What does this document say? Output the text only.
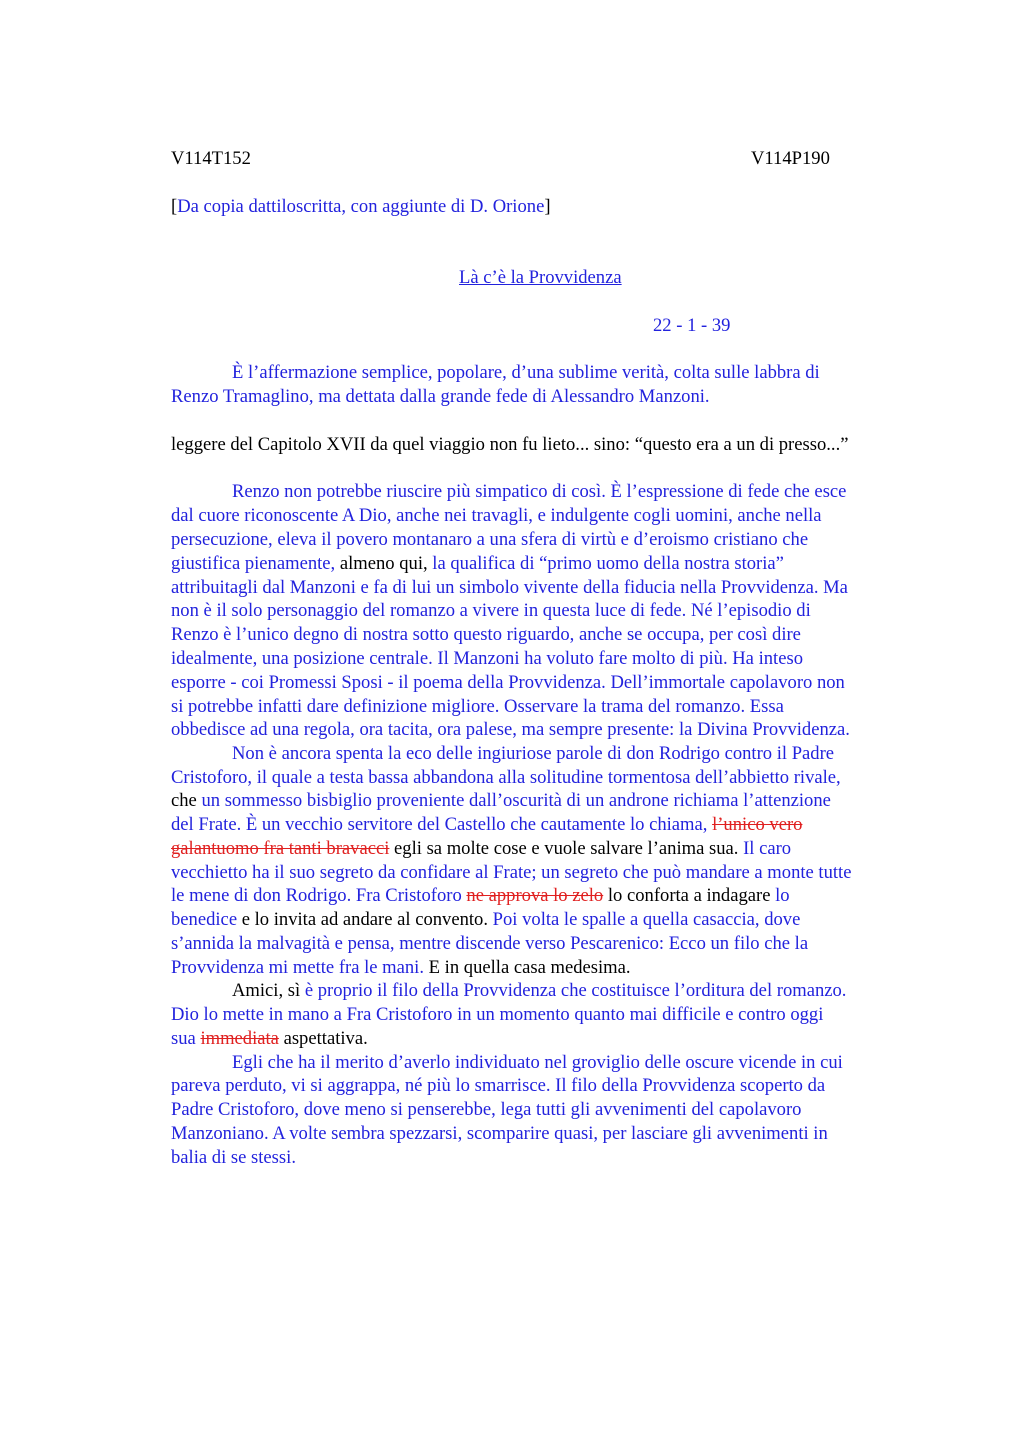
V114T152	V114P190
[Da copia dattiloscritta, con aggiunte di D. Orione]
Là c’è la Provvidenza
22 - 1 - 39
È l’affermazione semplice, popolare, d’una sublime verità, colta sulle labbra di
Renzo Tramaglino, ma dettata dalla grande fede di Alessandro Manzoni.
leggere del Capitolo XVII da quel viaggio non fu lieto... sino: “questo era a un di presso...”
Renzo non potrebbe riuscire più simpatico di così. È l’espressione di fede che esce
dal cuore riconoscente A Dio, anche nei travagli, e indulgente cogli uomini, anche nella
persecuzione, eleva il povero montanaro a una sfera di virtù e d’eroismo cristiano che
giustifica pienamente, almeno qui, la qualifica di “primo uomo della nostra storia”
attribuitagli dal Manzoni e fa di lui un simbolo vivente della fiducia nella Provvidenza. Ma
non è il solo personaggio del romanzo a vivere in questa luce di fede. Né l’episodio di
Renzo è l’unico degno di nostra sotto questo riguardo, anche se occupa, per così dire
idealmente, una posizione centrale. Il Manzoni ha voluto fare molto di più. Ha inteso
esporre - coi Promessi Sposi - il poema della Provvidenza. Dell’immortale capolavoro non
si potrebbe infatti dare definizione migliore. Osservare la trama del romanzo. Essa
obbedisce ad una regola, ora tacita, ora palese, ma sempre presente: la Divina Provvidenza.
Non è ancora spenta la eco delle ingiuriose parole di don Rodrigo contro il Padre
Cristoforo, il quale a testa bassa abbandona alla solitudine tormentosa dell’abbietto rivale,
che un sommesso bisbiglio proveniente dall’oscurità di un androne richiama l’attenzione
del Frate. È un vecchio servitore del Castello che cautamente lo chiama, l’unico vero
galantuomo fra tanti bravacci egli sa molte cose e vuole salvare l’anima sua. Il caro
vecchietto ha il suo segreto da confidare al Frate; un segreto che può mandare a monte tutte
le mene di don Rodrigo. Fra Cristoforo ne approva lo zelo lo conforta a indagare lo
benedice e lo invita ad andare al convento. Poi volta le spalle a quella casaccia, dove
s’annida la malvagità e pensa, mentre discende verso Pescarenico: Ecco un filo che la
Provvidenza mi mette fra le mani. E in quella casa medesima.
Amici, sì è proprio il filo della Provvidenza che costituisce l’orditura del romanzo.
Dio lo mette in mano a Fra Cristoforo in un momento quanto mai difficile e contro oggi
sua immediata aspettativa.
Egli che ha il merito d’averlo individuato nel groviglio delle oscure vicende in cui
pareva perduto, vi si aggrappa, né più lo smarrisce. Il filo della Provvidenza scoperto da
Padre Cristoforo, dove meno si penserebbe, lega tutti gli avvenimenti del capolavoro
Manzoniano. A volte sembra spezzarsi, scomparire quasi, per lasciare gli avvenimenti in
balia di se stessi.
